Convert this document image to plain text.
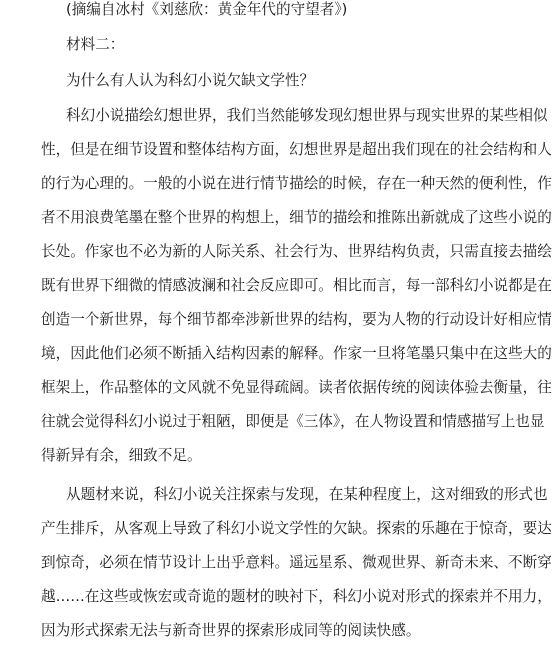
(摘编自冰村《刘慈欣：黄金年代的守望者》)
材料二：
为什么有人认为科幻小说欠缺文学性？
科幻小说描绘幻想世界，我们当然能够发现幻想世界与现实世界的某些相似
性，但是在细节设置和整体结构方面，幻想世界是超出我们现在的社会结构和人
的行为心理的。一般的小说在进行情节描绘的时候，存在一种天然的便利性，作
者不用浪费笔墨在整个世界的构想上，细节的描绘和推陈出新就成了这些小说的
长处。作家也不必为新的人际关系、社会行为、世界结构负责，只需直接去描绘
既有世界下细微的情感波澜和社会反应即可。相比而言，每一部科幻小说都是在
创造一个新世界，每个细节都牵涉新世界的结构，要为人物的行动设计好相应情
境，因此他们必须不断插入结构因素的解释。作家一旦将笔墨只集中在这些大的
框架上，作品整体的文风就不免显得疏阔。读者依据传统的阅读体验去衡量，往
往就会觉得科幻小说过于粗陋，即便是《三体》，在人物设置和情感描写上也显
得新异有余，细致不足。
从题材来说，科幻小说关注探索与发现，在某种程度上，这对细致的形式也
产生排斥，从客观上导致了科幻小说文学性的欠缺。探索的乐趣在于惊奇，要达
到惊奇，必须在情节设计上出乎意料。遥远星系、微观世界、新奇未来、不断穿
越……在这些或恢宏或奇诡的题材的映衬下，科幻小说对形式的探索并不用力，
因为形式探索无法与新奇世界的探索形成同等的阅读快感。
